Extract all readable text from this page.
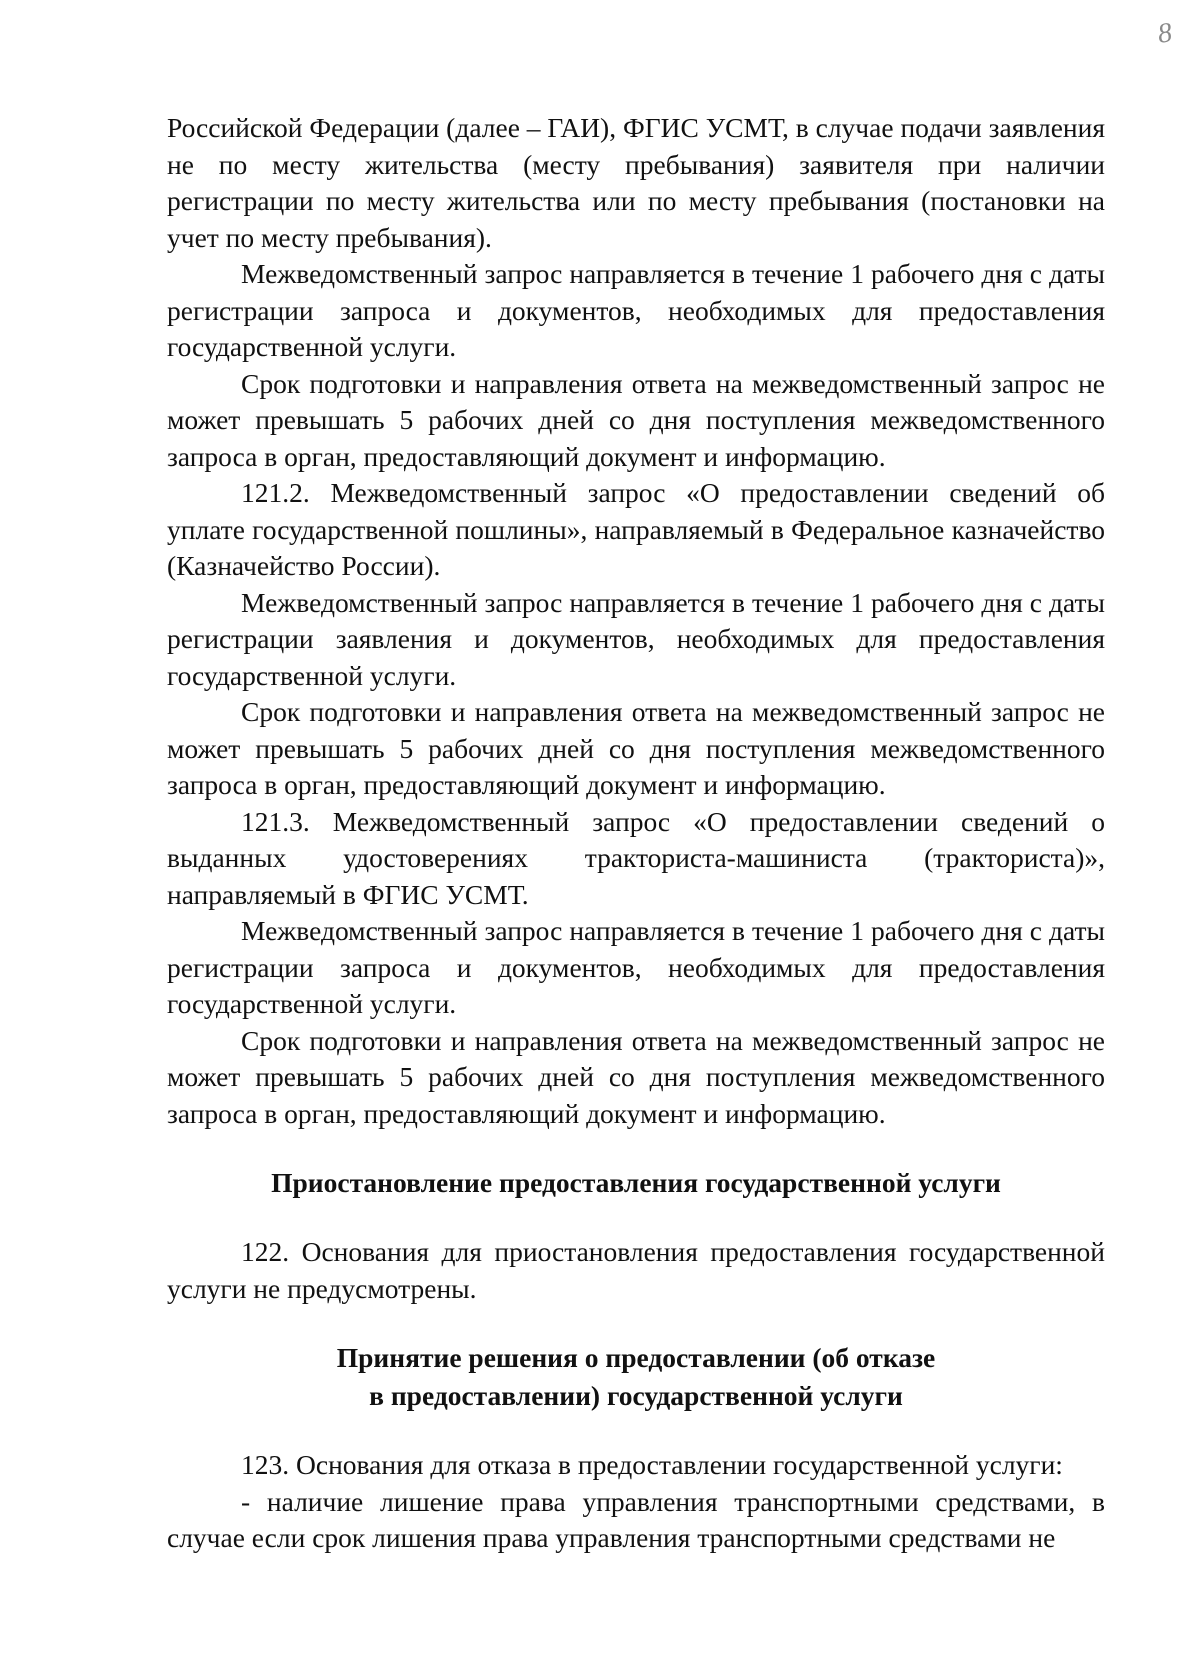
8

Российской Федерации (далее – ГАИ), ФГИС УСМТ, в случае подачи заявления не по месту жительства (месту пребывания) заявителя при наличии регистрации по месту жительства или по месту пребывания (постановки на учет по месту пребывания).

Межведомственный запрос направляется в течение 1 рабочего дня с даты регистрации запроса и документов, необходимых для предоставления государственной услуги.

Срок подготовки и направления ответа на межведомственный запрос не может превышать 5 рабочих дней со дня поступления межведомственного запроса в орган, предоставляющий документ и информацию.

121.2. Межведомственный запрос «О предоставлении сведений об уплате государственной пошлины», направляемый в Федеральное казначейство (Казначейство России).

Межведомственный запрос направляется в течение 1 рабочего дня с даты регистрации заявления и документов, необходимых для предоставления государственной услуги.

Срок подготовки и направления ответа на межведомственный запрос не может превышать 5 рабочих дней со дня поступления межведомственного запроса в орган, предоставляющий документ и информацию.

121.3. Межведомственный запрос «О предоставлении сведений о выданных удостоверениях тракториста-машиниста (тракториста)», направляемый в ФГИС УСМТ.

Межведомственный запрос направляется в течение 1 рабочего дня с даты регистрации запроса и документов, необходимых для предоставления государственной услуги.

Срок подготовки и направления ответа на межведомственный запрос не может превышать 5 рабочих дней со дня поступления межведомственного запроса в орган, предоставляющий документ и информацию.

Приостановление предоставления государственной услуги

122. Основания для приостановления предоставления государственной услуги не предусмотрены.

Принятие решения о предоставлении (об отказе
в предоставлении) государственной услуги

123. Основания для отказа в предоставлении государственной услуги:

- наличие лишение права управления транспортными средствами, в случае если срок лишения права управления транспортными средствами не
